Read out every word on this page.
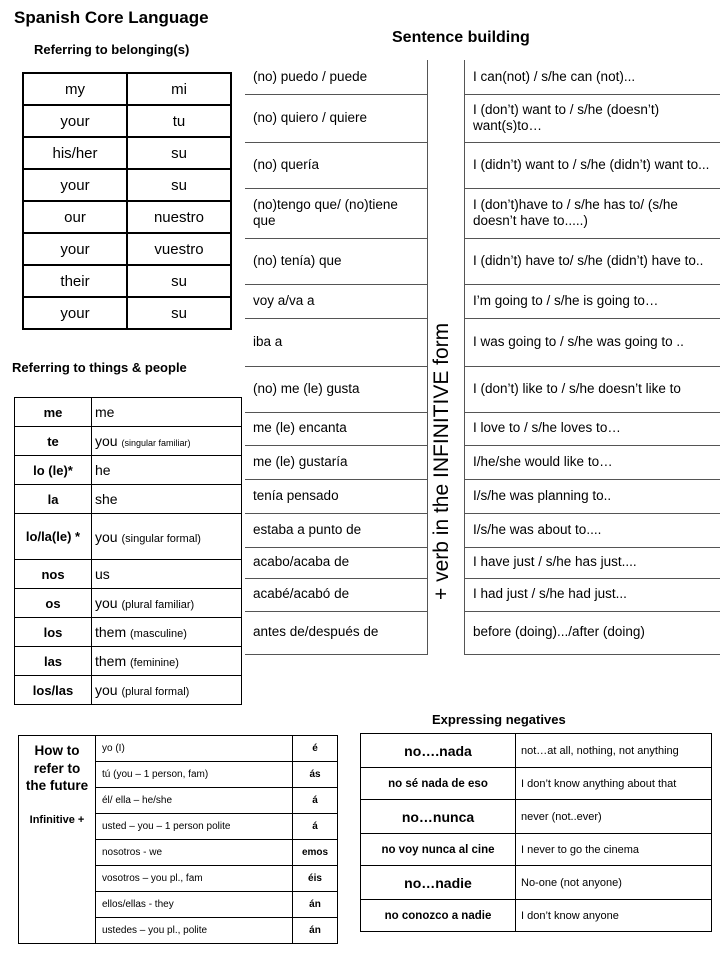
Spanish Core Language
Referring to belonging(s)
my	mi
your	tu
his/her	su
your	su
our	nuestro
your	vuestro
their	su
your	su
Referring to things & people
me	me
te	you (singular familiar)
lo (le)*	he
la	she
lo/la(le) *	you (singular formal)
nos	us
os	you (plural familiar)
los	them (masculine)
las	them (feminine)
los/las	you (plural formal)
Sentence building
(no) puedo / puede		I can(not) / s/he can (not)...
(no) quiero / quiere		I (don’t) want to / s/he (doesn’t) want(s)to…
(no) quería		I (didn’t) want to / s/he (didn’t) want to...
(no)tengo que/ (no)tiene que		I (don’t)have to / s/he has to/ (s/he doesn’t have to.....)
(no) tenía) que		I (didn’t) have to/ s/he (didn’t) have to..
voy a/va a		I’m going to / s/he is going to…
iba a		I was going to / s/he was going to ..
(no) me (le) gusta		I (don’t) like to / s/he doesn’t like to
me (le) encanta		I love to / s/he loves to…
me (le) gustaría		I/he/she would like to…
tenía pensado		I/s/he was planning to..
estaba a punto de		I/s/he was about to....
acabo/acaba de		I have just / s/he has just....
acabé/acabó de		I had just / s/he had just...
antes de/después de		before (doing).../after (doing)
+ verb in the INFINITIVE form
How to refer to the future
Infinitive +	yo (I)	é
	tú (you – 1 person, fam)	ás
	él/ ella – he/she	á
	usted – you – 1 person polite	á
	nosotros - we	emos
	vosotros – you pl., fam	éis
	ellos/ellas - they	án
	ustedes – you pl., polite	án
Expressing negatives
no….nada	not…at all, nothing, not anything
no sé nada de eso	I don’t know anything about that
no…nunca	never (not..ever)
no voy nunca al cine	I never to go the cinema
no…nadie	No-one (not anyone)
no conozco a nadie	I don’t know anyone
